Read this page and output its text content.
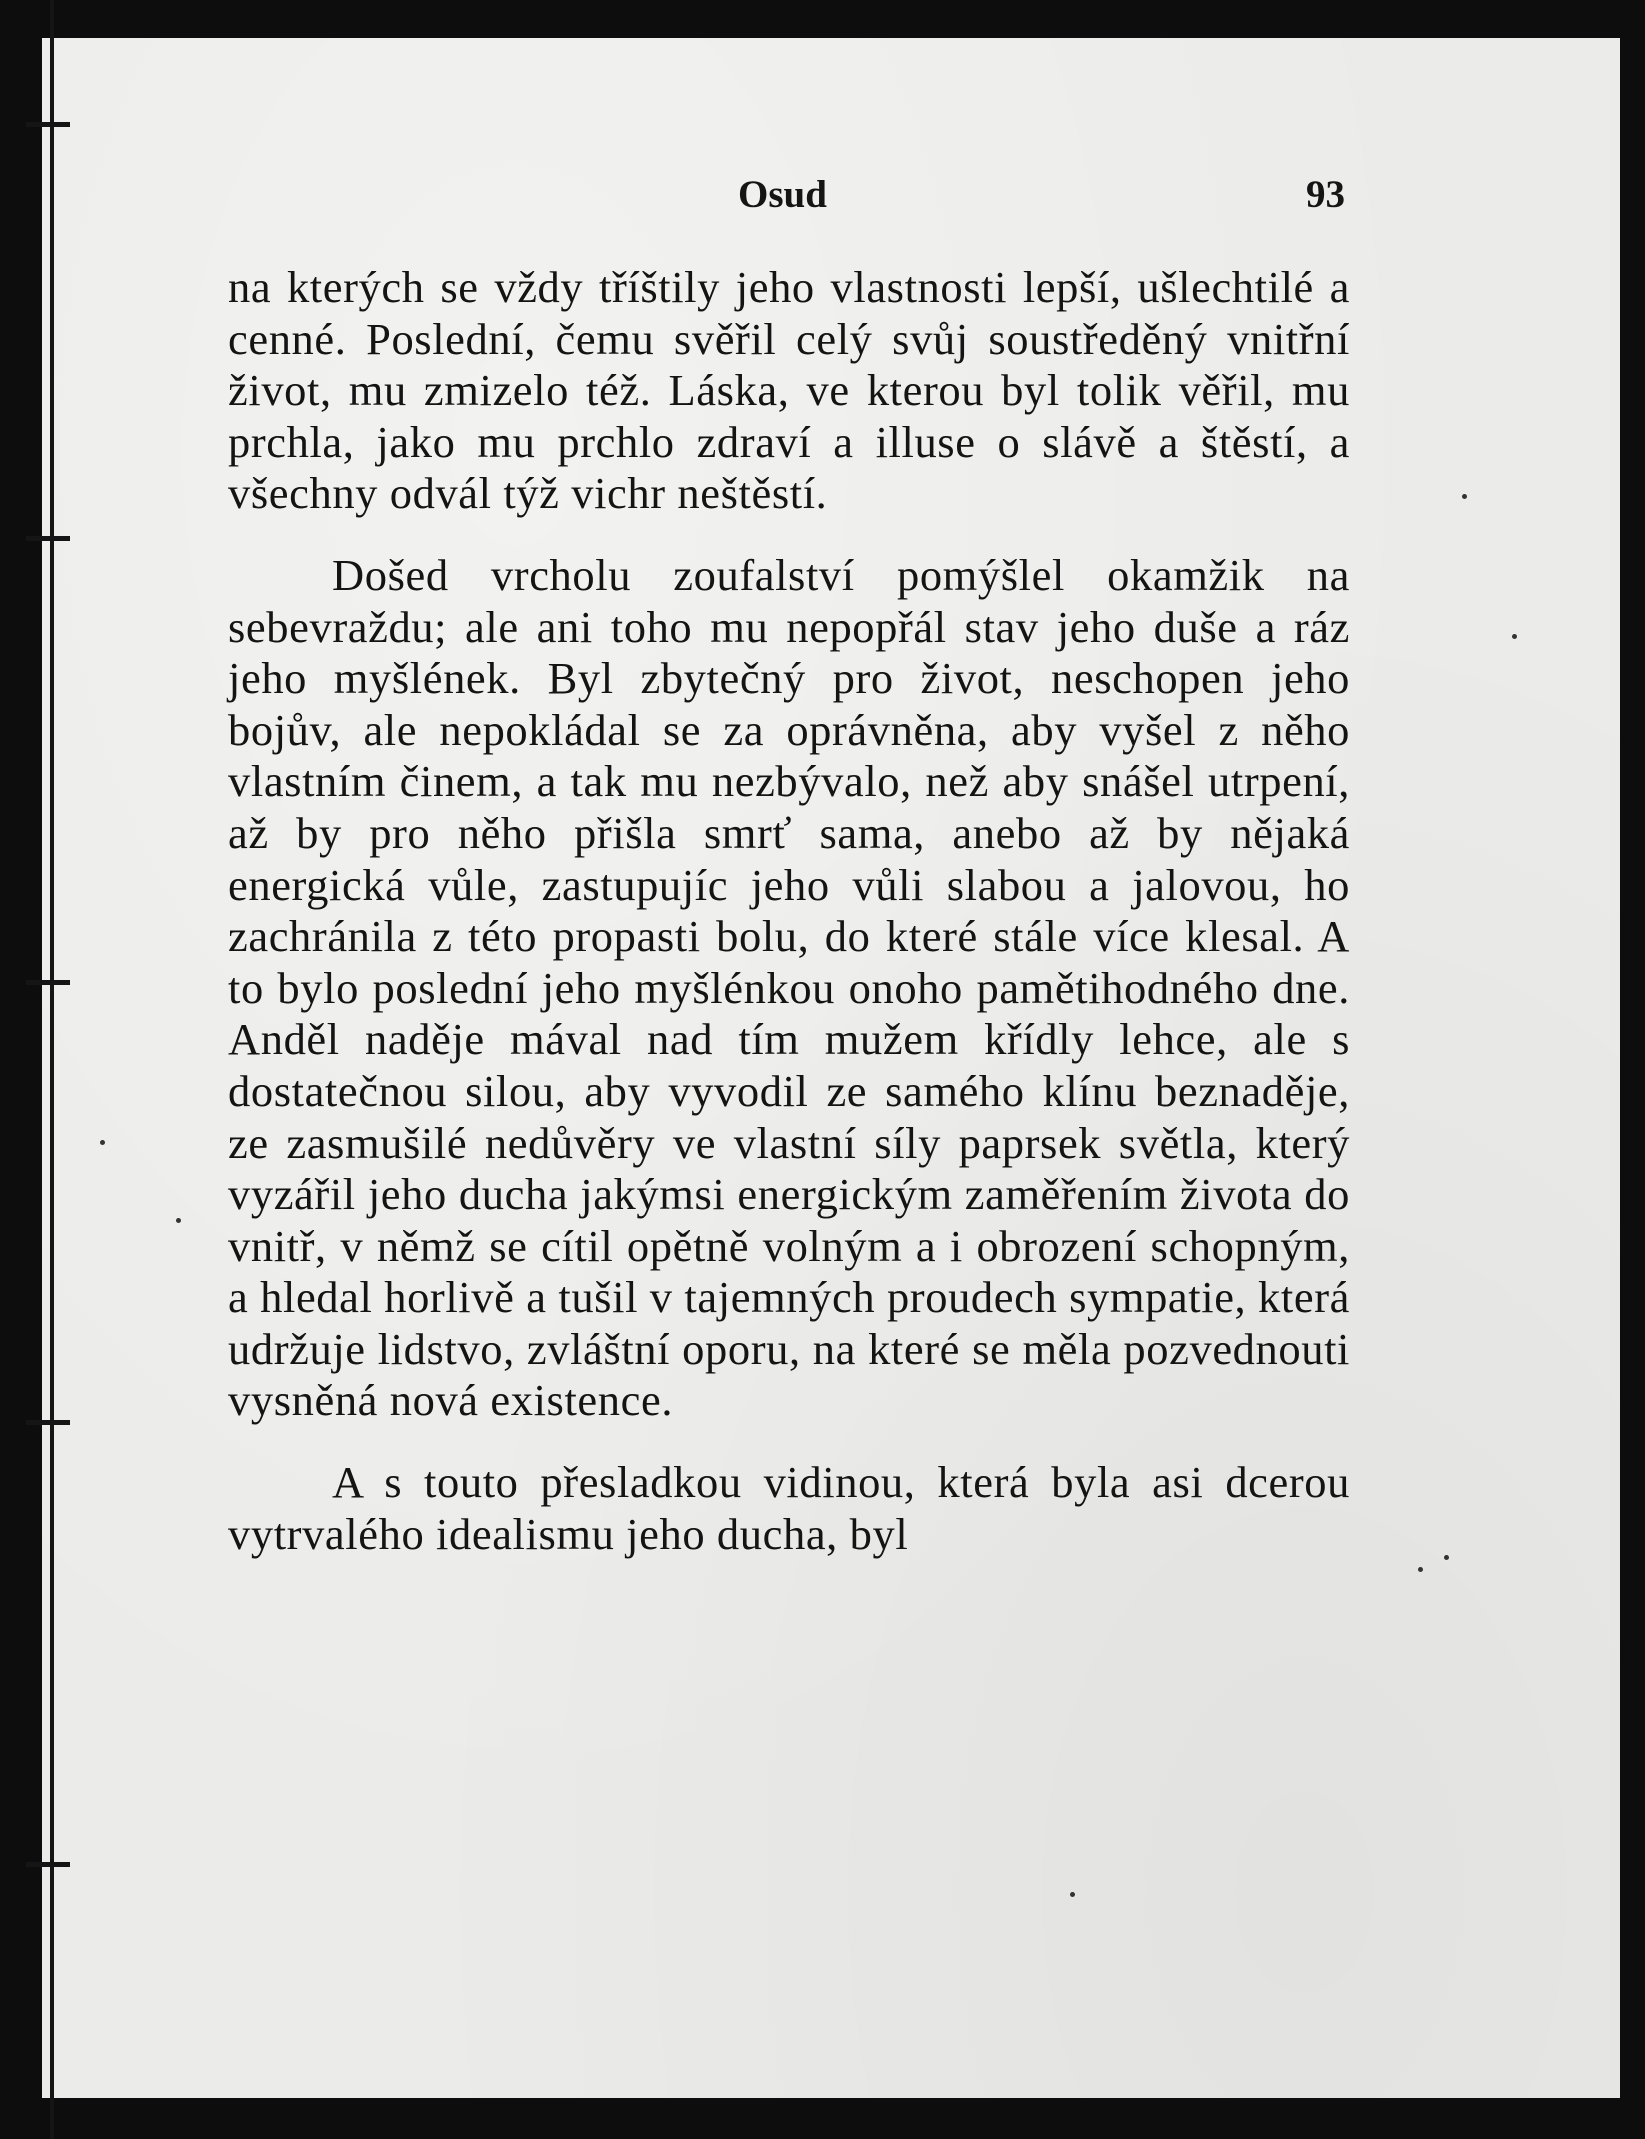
Osud	93

na kterých se vždy tříštily jeho vlastnosti lepší, ušlechtilé a cenné. Poslední, čemu svěřil celý svůj soustředěný vnitřní život, mu zmizelo též. Láska, ve kterou byl tolik věřil, mu prchla, jako mu prchlo zdraví a illuse o slávě a štěstí, a všechny odvál týž vichr neštěstí.

Došed vrcholu zoufalství pomýšlel okamžik na sebevraždu; ale ani toho mu nepopřál stav jeho duše a ráz jeho myšlének. Byl zbytečný pro život, neschopen jeho bojův, ale nepokládal se za oprávněna, aby vyšel z něho vlastním činem, a tak mu nezbývalo, než aby snášel utrpení, až by pro něho přišla smrť sama, anebo až by nějaká energická vůle, zastupujíc jeho vůli slabou a jalovou, ho zachránila z této propasti bolu, do které stále více klesal. A to bylo poslední jeho myšlénkou onoho pamětihodného dne. Anděl naděje mával nad tím mužem křídly lehce, ale s dostatečnou silou, aby vyvodil ze samého klínu beznaděje, ze zasmušilé nedůvěry ve vlastní síly paprsek světla, který vyzářil jeho ducha jakýmsi energickým zaměřením života do vnitř, v němž se cítil opětně volným a i obrození schopným, a hledal horlivě a tušil v tajemných proudech sympatie, která udržuje lidstvo, zvláštní oporu, na které se měla pozvednouti vysněná nová existence.

A s touto přesladkou vidinou, která byla asi dcerou vytrvalého idealismu jeho ducha, byl
